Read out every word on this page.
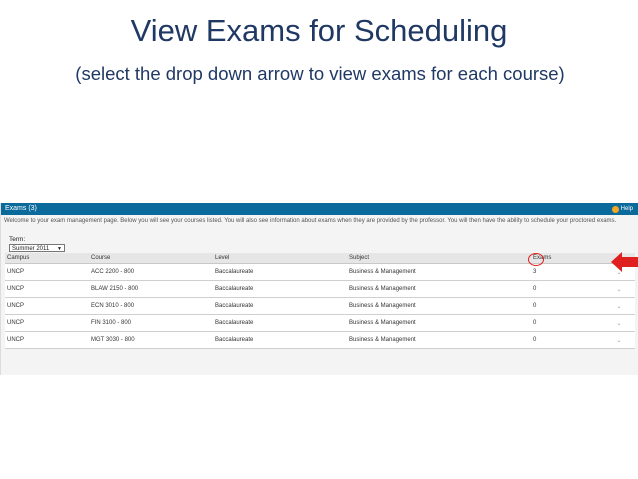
View Exams for Scheduling
(select the drop down arrow to view exams for each course)
Exams (3)	Help
Welcome to your exam management page. Below you will see your courses listed. You will also see information about exams when they are provided by the professor. You will then have the ability to schedule your proctored exams.
Term:
Summer 2011 ▼
Campus	Course	Level	Subject	Exams	
UNCP	ACC 2200 - 800	Baccalaureate	Business & Management	3	⌄
UNCP	BLAW 2150 - 800	Baccalaureate	Business & Management	0	⌄
UNCP	ECN 3010 - 800	Baccalaureate	Business & Management	0	⌄
UNCP	FIN 3100 - 800	Baccalaureate	Business & Management	0	⌄
UNCP	MGT 3030 - 800	Baccalaureate	Business & Management	0	⌄
